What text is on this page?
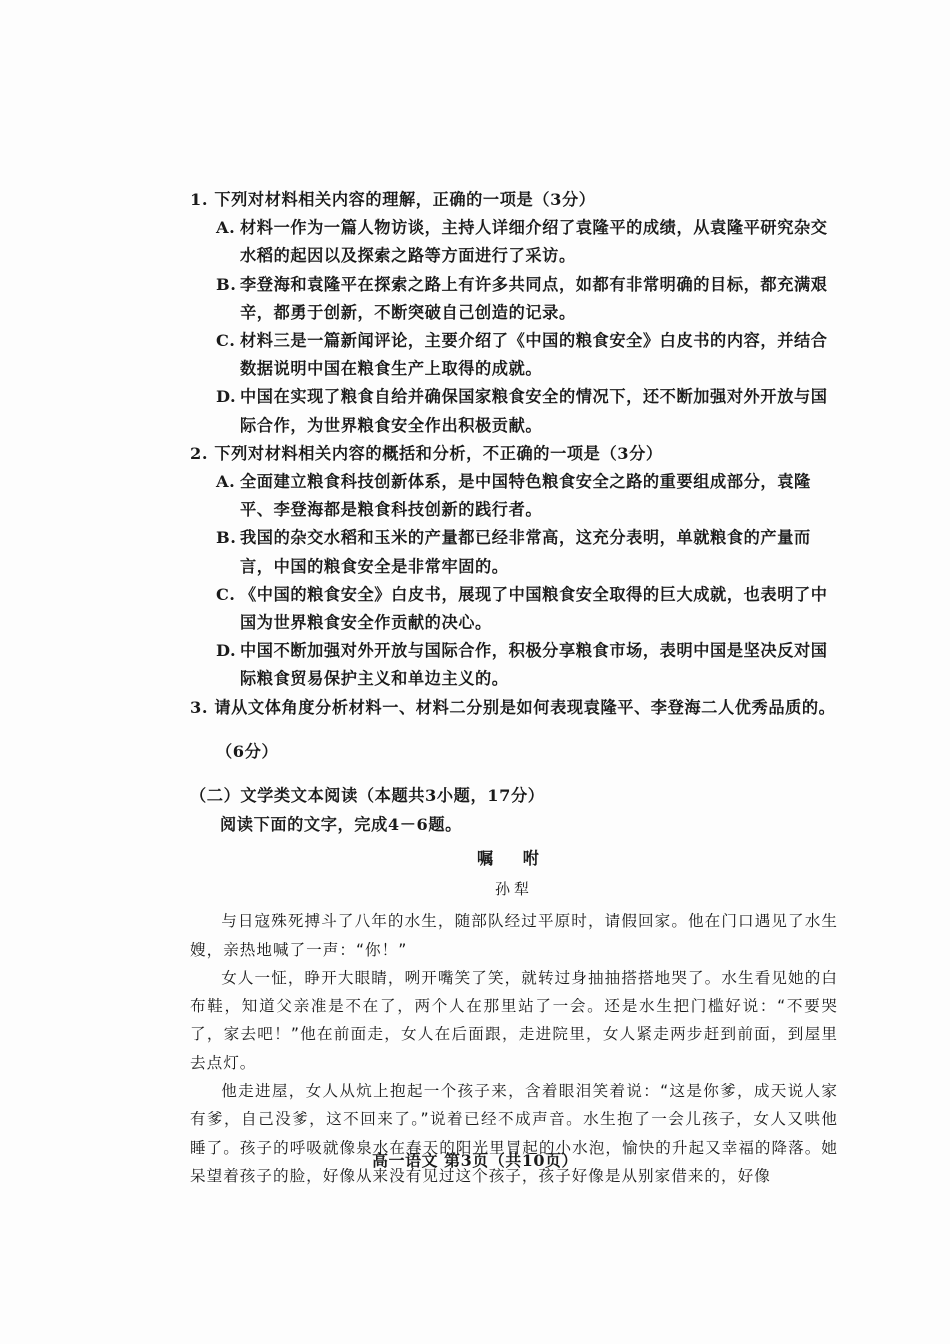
1. 下列对材料相关内容的理解，正确的一项是（3分）

A. 材料一作为一篇人物访谈，主持人详细介绍了袁隆平的成绩，从袁隆平研究杂交水稻的起因以及探索之路等方面进行了采访。

B. 李登海和袁隆平在探索之路上有许多共同点，如都有非常明确的目标，都充满艰辛，都勇于创新，不断突破自己创造的记录。

C. 材料三是一篇新闻评论，主要介绍了《中国的粮食安全》白皮书的内容，并结合数据说明中国在粮食生产上取得的成就。

D. 中国在实现了粮食自给并确保国家粮食安全的情况下，还不断加强对外开放与国际合作，为世界粮食安全作出积极贡献。

2. 下列对材料相关内容的概括和分析，不正确的一项是（3分）

A. 全面建立粮食科技创新体系，是中国特色粮食安全之路的重要组成部分，袁隆平、李登海都是粮食科技创新的践行者。

B. 我国的杂交水稻和玉米的产量都已经非常高，这充分表明，单就粮食的产量而言，中国的粮食安全是非常牢固的。

C. 《中国的粮食安全》白皮书，展现了中国粮食安全取得的巨大成就，也表明了中国为世界粮食安全作贡献的决心。

D. 中国不断加强对外开放与国际合作，积极分享粮食市场，表明中国是坚决反对国际粮食贸易保护主义和单边主义的。

3. 请从文体角度分析材料一、材料二分别是如何表现袁隆平、李登海二人优秀品质的。

（6分）

（二）文学类文本阅读（本题共3小题，17分）

阅读下面的文字，完成4－6题。

嘱 咐
孙犁

与日寇殊死搏斗了八年的水生，随部队经过平原时，请假回家。他在门口遇见了水生嫂，亲热地喊了一声：“你！”

女人一怔，睁开大眼睛，咧开嘴笑了笑，就转过身抽抽搭搭地哭了。水生看见她的白布鞋，知道父亲准是不在了，两个人在那里站了一会。还是水生把门槛好说：“不要哭了，家去吧！”他在前面走，女人在后面跟，走进院里，女人紧走两步赶到前面，到屋里去点灯。

他走进屋，女人从炕上抱起一个孩子来，含着眼泪笑着说：“这是你爹，成天说人家有爹，自己没爹，这不回来了。”说着已经不成声音。水生抱了一会儿孩子，女人又哄他睡了。孩子的呼吸就像泉水在春天的阳光里冒起的小水泡，愉快的升起又幸福的降落。她呆望着孩子的脸，好像从来没有见过这个孩子，孩子好像是从别家借来的，好像

高一语文 第3页（共10页）
